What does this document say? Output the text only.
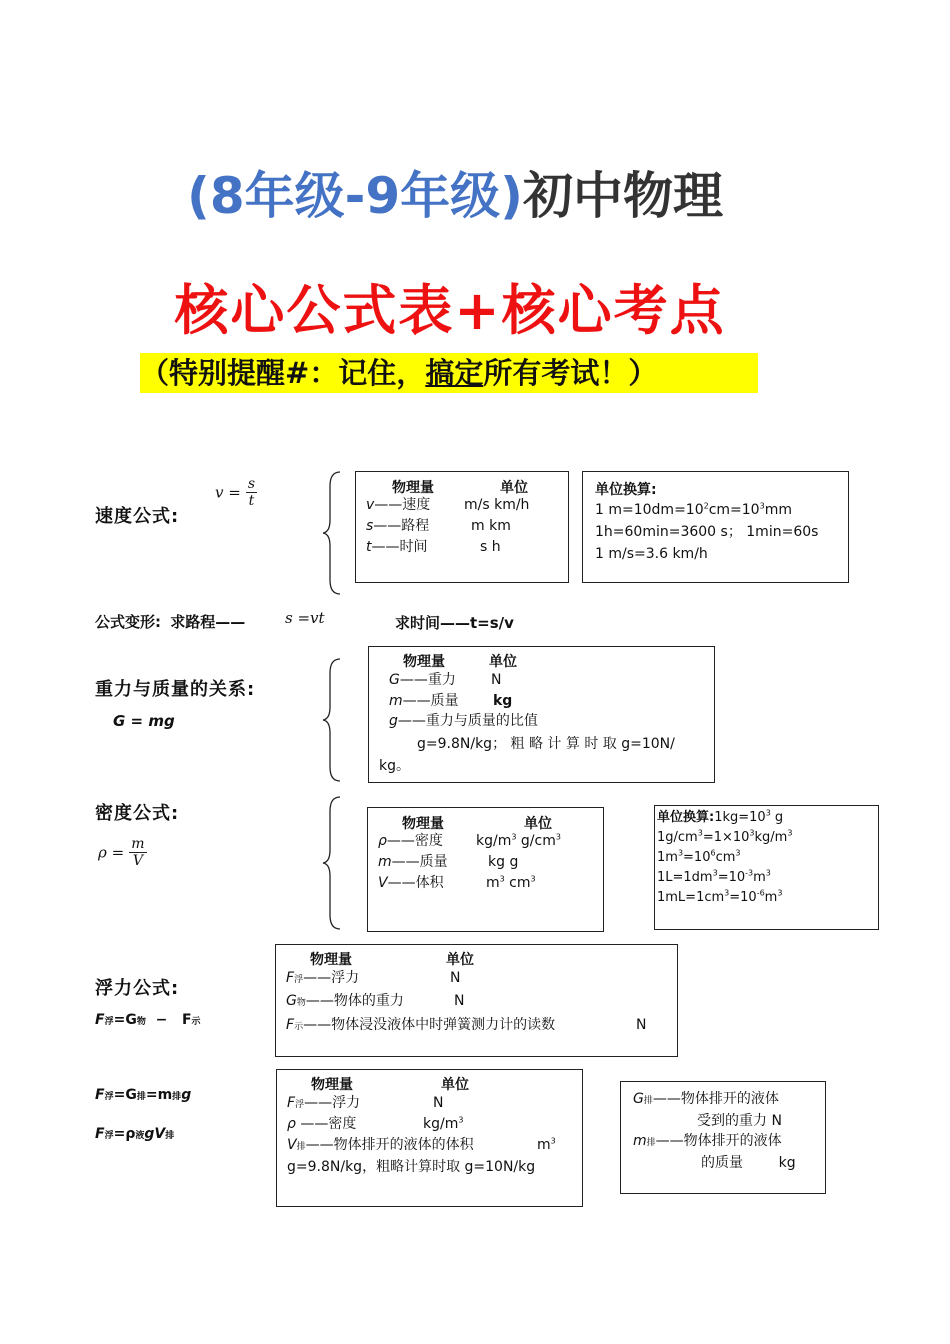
(8年级-9年级)初中物理
核心公式表+核心考点
（特别提醒#：记住，搞定所有考试！）
速度公式:
$v = \frac{s}{t}$	物理量	单位
v——速度 m/s km/h
s——路程	m km
t——时间	s h
单位换算:
1 $m=10dm=10^2cm=10^3mm$
1h=60min=3600 s； 1min=60s
1 m/s=3.6 km/h
公式变形: 求路程——	s =vt	求时间——t=s/v
重力与质量的关系:
G = mg
物理量	单位
G——重力	N
m——质量 kg
g——重力与质量的比值
g=9.8N/kg； 粗 略 计 算 时 取 g=10N/
kg。
密度公式:
$\rho = \frac{m}{V}$
物理量	单位
ρ——密度 $kg/m^3$ $g/cm^3$
m——质量	kg g
V——体积	$m^3$ $cm^3$
单位换算$:1kg=10^3$ g
$1g/cm^3=1\times 10^3kg/m^3$
$1m^3=10^6cm^3$
$1L=1dm^3=10^{-3}m^3$
$1mL=1cm^3=10^{-6}m^3$
浮力公式:
F浮=G物  −   F示
物理量	单位
F浮——浮力	N
G物——物体的重力	N
F示——物体浸没液体中时弹簧测力计的读数	N
F浮=G排=m排g
F浮=ρ液gV排
物理量	单位
F浮——浮力	N
ρ ——密度	$kg/m^3$
V排——物体排开的液体的体积	$m^3$
g=9.8N/kg，粗略计算时取 g=10N/kg
G排——物体排开的液体
受到的重力 N
m排——物体排开的液体
的质量        kg
